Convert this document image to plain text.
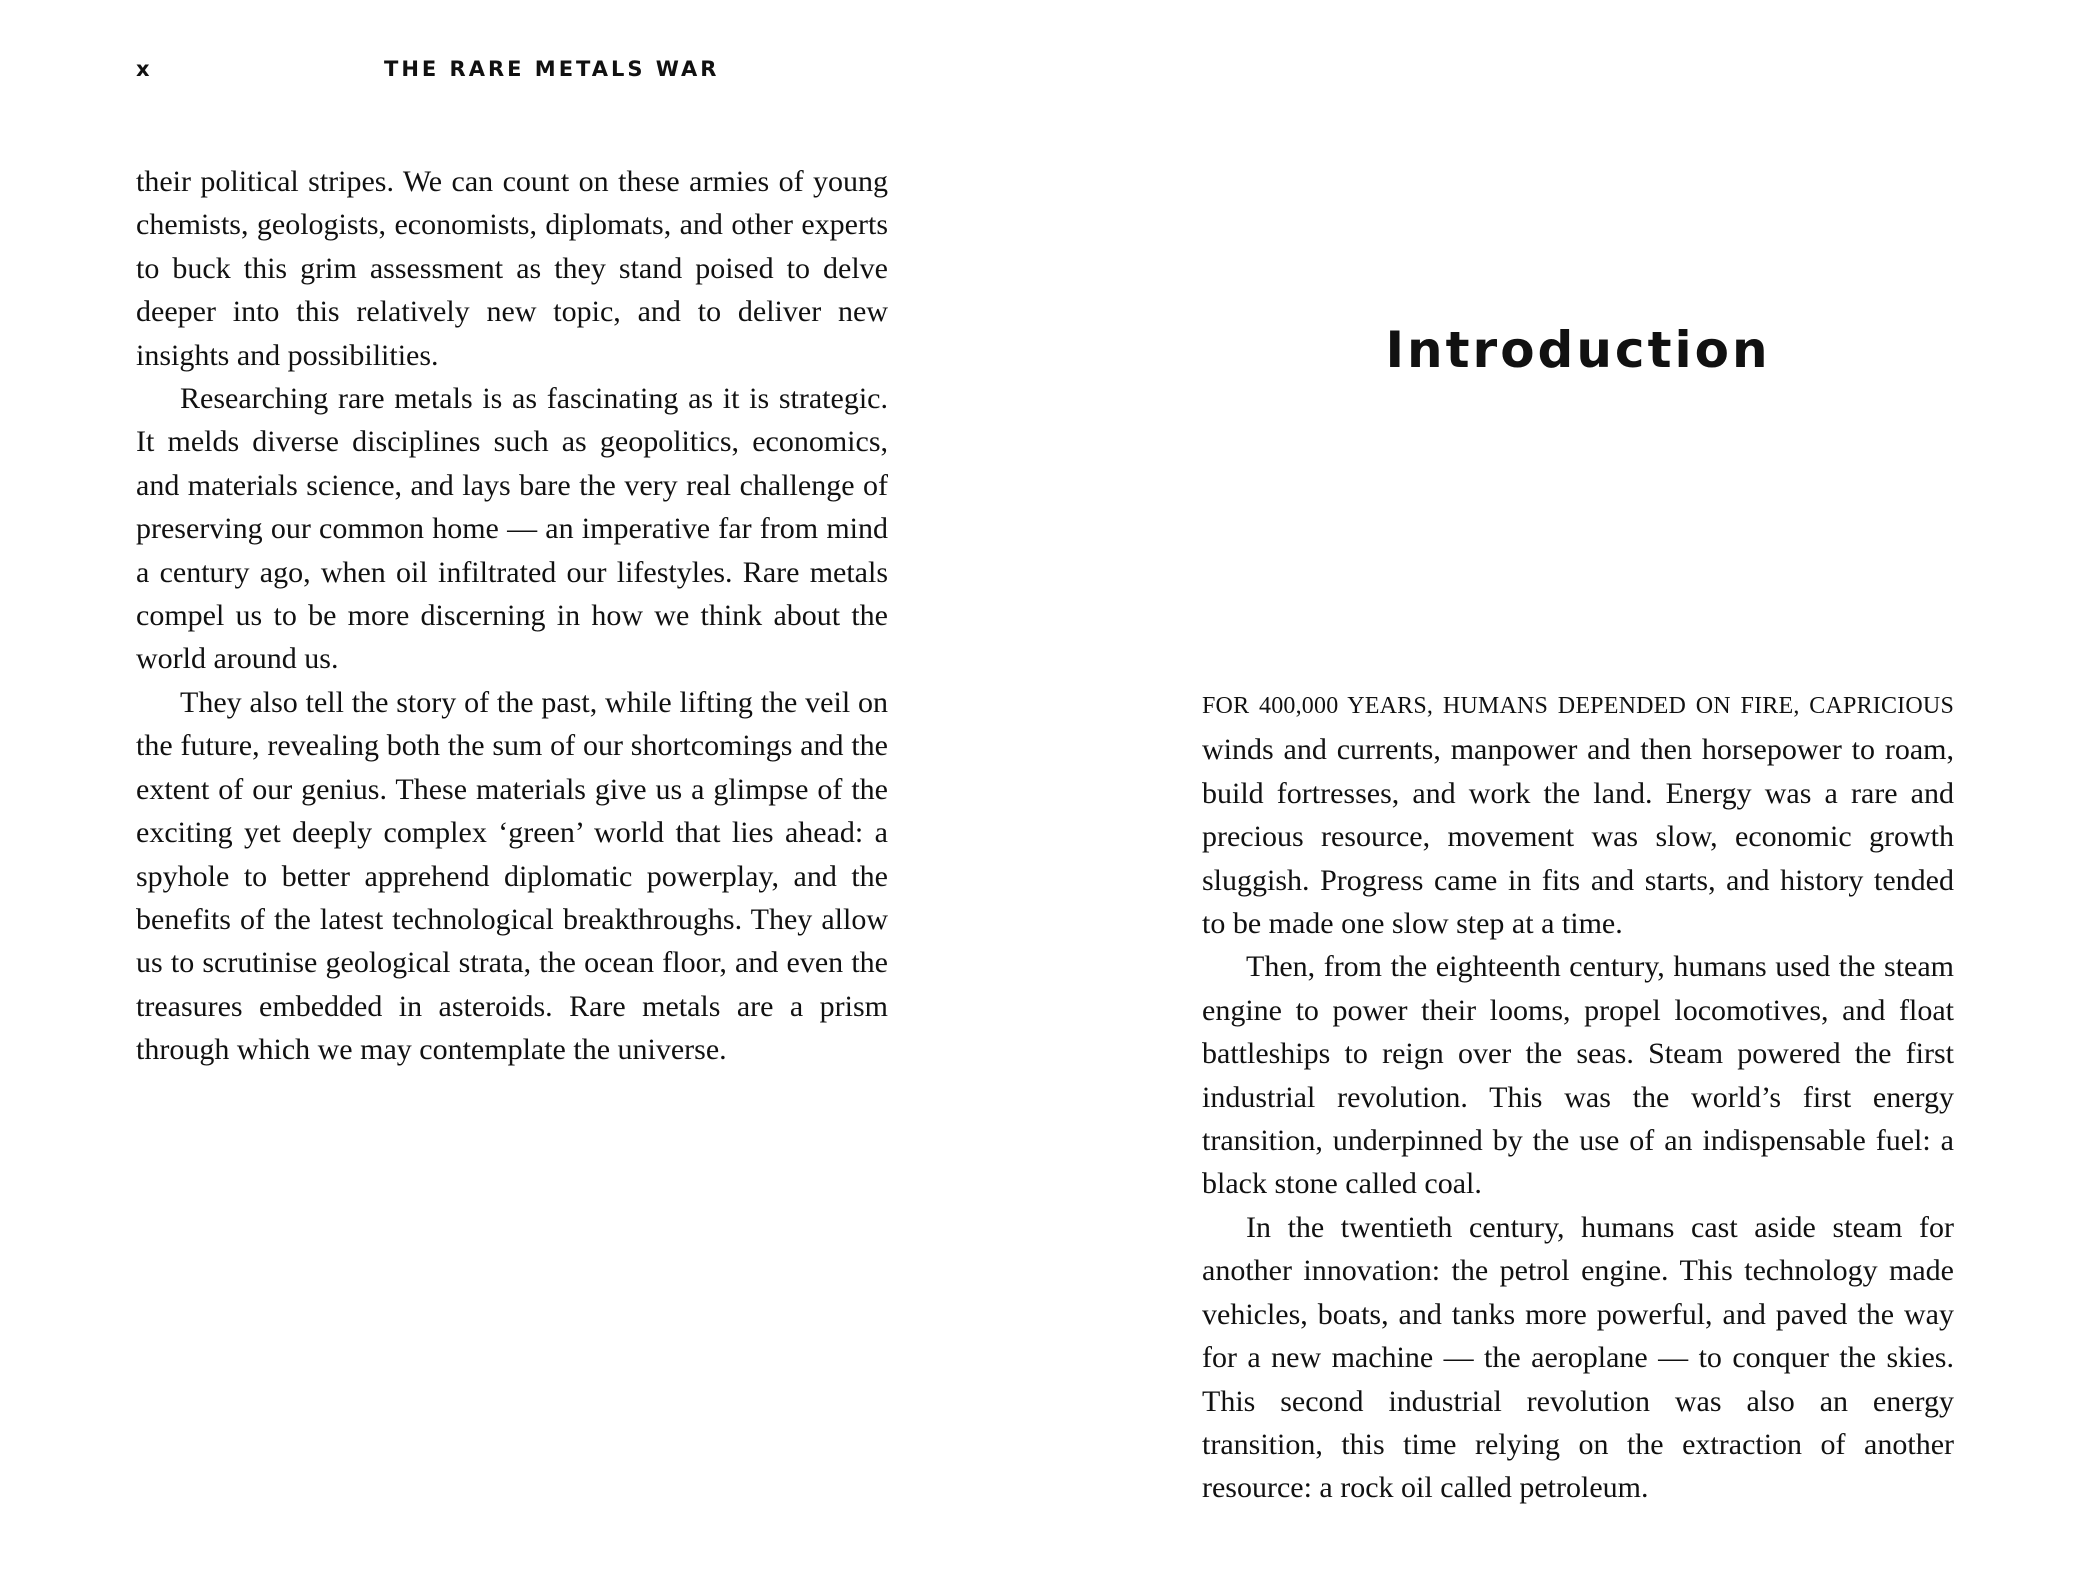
x	THE RARE METALS WAR

their political stripes. We can count on these armies of young chemists, geologists, economists, diplomats, and other experts to buck this grim assessment as they stand poised to delve deeper into this relatively new topic, and to deliver new insights and possibilities.

Researching rare metals is as fascinating as it is strategic. It melds diverse disciplines such as geopolitics, economics, and materials science, and lays bare the very real challenge of preserving our common home — an imperative far from mind a century ago, when oil infiltrated our lifestyles. Rare metals compel us to be more discerning in how we think about the world around us.

They also tell the story of the past, while lifting the veil on the future, revealing both the sum of our shortcomings and the extent of our genius. These materials give us a glimpse of the exciting yet deeply complex ‘green’ world that lies ahead: a spyhole to better apprehend diplomatic powerplay, and the benefits of the latest technological breakthroughs. They allow us to scrutinise geological strata, the ocean floor, and even the treasures embedded in asteroids. Rare metals are a prism through which we may contemplate the universe.

Introduction

FOR 400,000 YEARS, HUMANS DEPENDED ON FIRE, CAPRICIOUS winds and currents, manpower and then horsepower to roam, build fortresses, and work the land. Energy was a rare and precious resource, movement was slow, economic growth sluggish. Progress came in fits and starts, and history tended to be made one slow step at a time.

Then, from the eighteenth century, humans used the steam engine to power their looms, propel locomotives, and float battleships to reign over the seas. Steam powered the first industrial revolution. This was the world’s first energy transition, underpinned by the use of an indispensable fuel: a black stone called coal.

In the twentieth century, humans cast aside steam for another innovation: the petrol engine. This technology made vehicles, boats, and tanks more powerful, and paved the way for a new machine — the aeroplane — to conquer the skies. This second industrial revolution was also an energy transition, this time relying on the extraction of another resource: a rock oil called petroleum.
